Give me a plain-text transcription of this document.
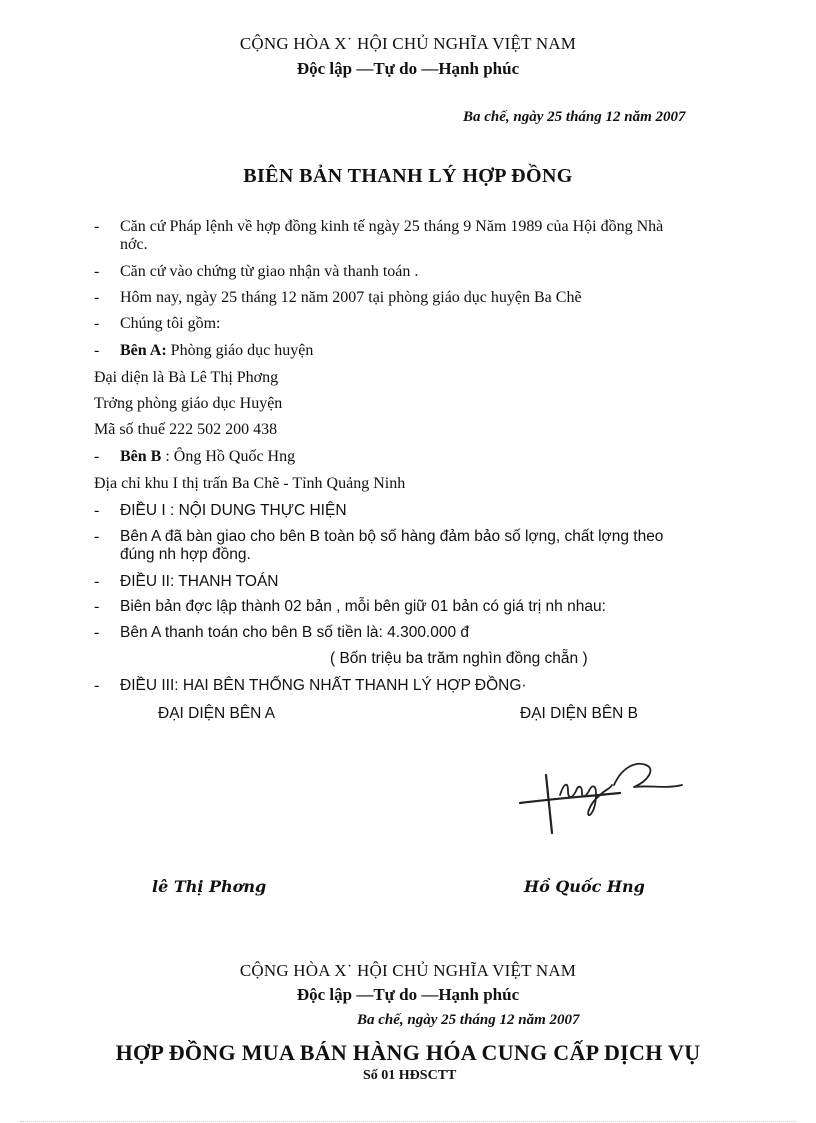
CỘNG HÒA X˙ HỘI CHỦ NGHĨA VIỆT NAM
Độc lập —Tự do —Hạnh phúc
Ba chế, ngày 25 tháng 12 năm 2007
BIÊN BẢN THANH LÝ HỢP ĐỒNG
- Căn cứ Pháp lệnh về hợp đồng kinh tế ngày 25 tháng 9 Năm 1989 của Hội đồng Nhà
nớc.
- Căn cứ vào chứng từ giao nhận và thanh toán .
- Hôm nay, ngày 25 tháng 12 năm 2007 tại phòng giáo dục huyện Ba Chẽ
- Chúng tôi gồm:
- Bên A: Phòng giáo dục huyện
Đại diện là Bà Lê Thị Phơng
Trởng phòng giáo dục Huyện
Mã số thuế 222 502 200 438
- Bên B : Ông Hồ Quốc Hng
Địa chỉ khu I thị trấn Ba Chẽ - Tỉnh Quảng Ninh
- ĐIỀU I : NỘI DUNG THỰC HIỆN
- Bên A đã bàn giao cho bên B toàn bộ số hàng đảm bảo số lợng, chất lợng theo
đúng nh hợp đồng.
- ĐIỀU II: THANH TOÁN
- Biên bản đợc lập thành 02 bản , mỗi bên giữ 01 bản có giá trị nh nhau:
- Bên A thanh toán cho bên B số tiền là: 4.300.000 đ
( Bốn triệu ba trăm nghìn đồng chẵn )
- ĐIỀU III: HAI BÊN THỐNG NHẤT THANH LÝ HỢP ĐỒNG·
ĐẠI DIỆN BÊN A	ĐẠI DIỆN BÊN B
lê Thị Phơng	Hồ Quốc Hng
CỘNG HÒA X˙ HỘI CHỦ NGHĨA VIỆT NAM
Độc lập —Tự do —Hạnh phúc
Ba chế, ngày 25 tháng 12 năm 2007
HỢP ĐỒNG MUA BÁN HÀNG HÓA CUNG CẤP DỊCH VỤ
Số 01 HĐSCTT
